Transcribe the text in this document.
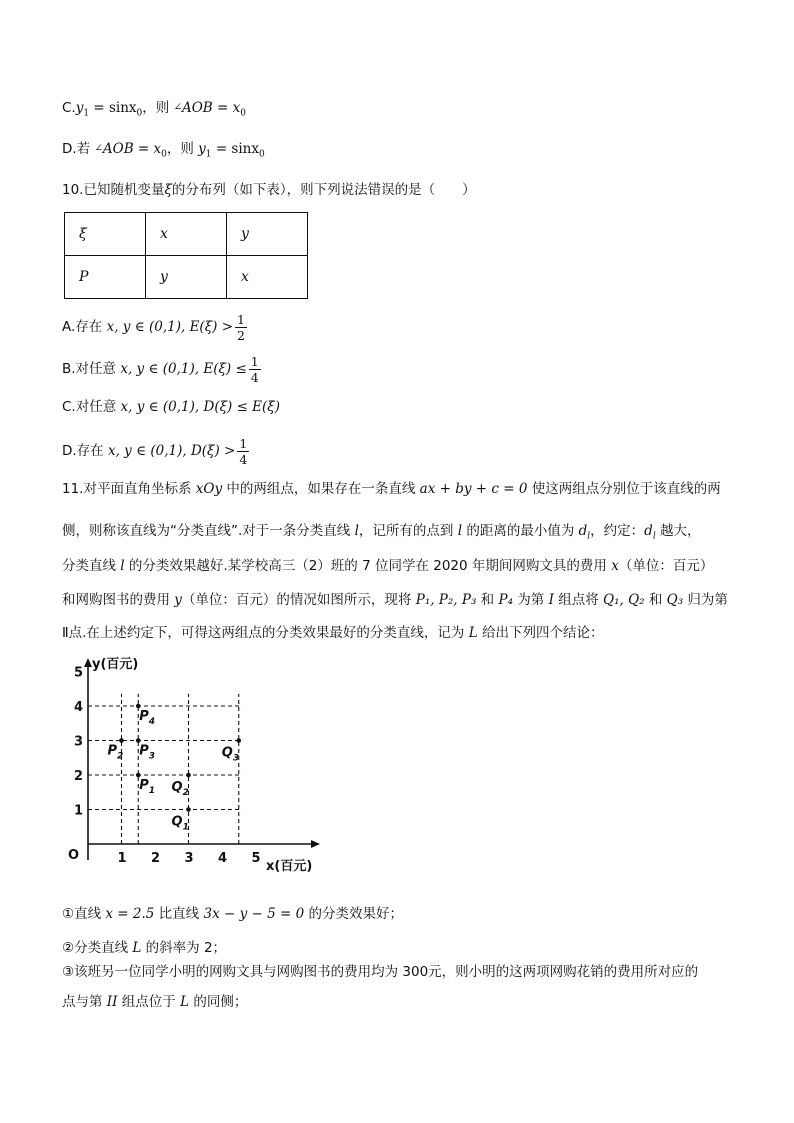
$C.y_1 = \sin x_0$，则 $^\angle AOB = x_0$
D.若 $^\angle AOB = x_0$，则 $y_1 = \sin x_0$
10.已知随机变量ξ的分布列（如下表），则下列说法错误的是（　　）
ξ	x	y
P	y	x
A.存在 x, y ∈ (0,1), $E(\xi) > \frac{1}{2}$
B.对任意 x, y ∈ (0,1), $E(\xi) \le \frac{1}{4}$
C.对任意 x, y ∈ (0,1), D(ξ) ≤ E(ξ)
D.存在 x, y ∈ (0,1), $D(\xi) > \frac{1}{4}$
11.对平面直角坐标系 xOy 中的两组点，如果存在一条直线 ax + by + c = 0 使这两组点分别位于该直线的两
侧，则称该直线为“分类直线”.对于一条分类直线 l，记所有的点到 l 的距离的最小值为 $d_l$，约定：$d_l$ 越大，
分类直线 l 的分类效果越好.某学校高三（2）班的 7 位同学在 2020 年期间网购文具的费用 x（单位：百元）
和网购图书的费用 y（单位：百元）的情况如图所示，现将 P₁, P₂, P₃ 和 P₄ 为第 I 组点将 Q₁, Q₂ 和 Q₃ 归为第
Ⅱ点.在上述约定下，可得这两组点的分类效果最好的分类直线，记为 L 给出下列四个结论：
y(百元)
x(百元)
O	1 2 3 4 5
1
2
3
4
5
$P_1$
$P_2$ $P_3$
$P_4$
$Q_1$
$Q_2$
$Q_3$
①直线 x = 2.5 比直线 3x − y − 5 = 0 的分类效果好；
②分类直线 L 的斜率为 2；
③该班另一位同学小明的网购文具与网购图书的费用均为 300元，则小明的这两项网购花销的费用所对应的
点与第 II 组点位于 L 的同侧；
